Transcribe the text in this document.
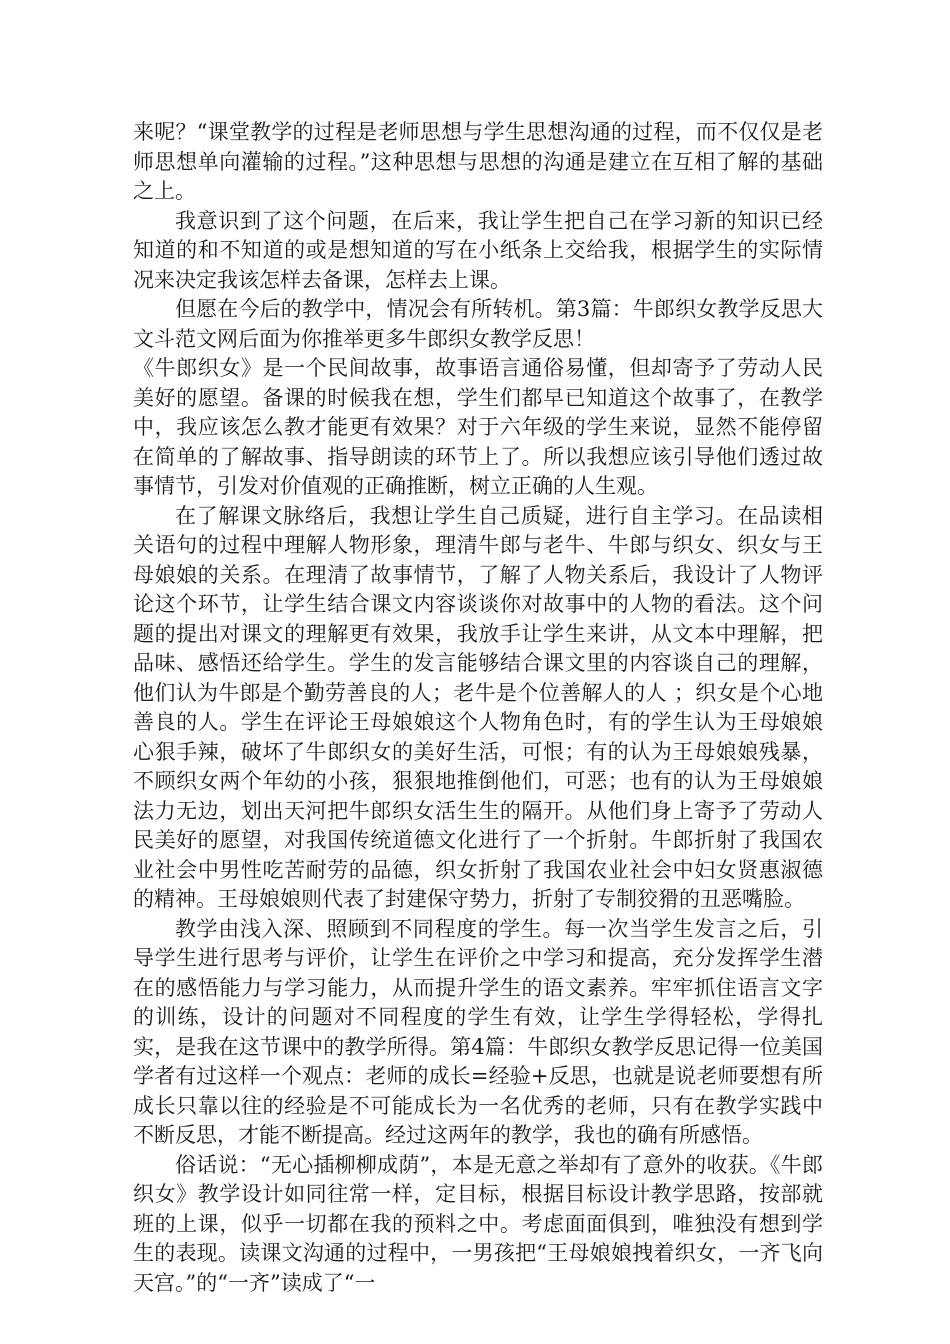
来呢？“课堂教学的过程是老师思想与学生思想沟通的过程，而不仅仅是老师思想单向灌输的过程。”这种思想与思想的沟通是建立在互相了解的基础之上。

我意识到了这个问题，在后来，我让学生把自己在学习新的知识已经知道的和不知道的或是想知道的写在小纸条上交给我，根据学生的实际情况来决定我该怎样去备课，怎样去上课。

但愿在今后的教学中，情况会有所转机。第3篇：牛郎织女教学反思大文斗范文网后面为你推举更多牛郎织女教学反思！

《牛郎织女》是一个民间故事，故事语言通俗易懂，但却寄予了劳动人民美好的愿望。备课的时候我在想，学生们都早已知道这个故事了，在教学中，我应该怎么教才能更有效果？对于六年级的学生来说，显然不能停留在简单的了解故事、指导朗读的环节上了。所以我想应该引导他们透过故事情节，引发对价值观的正确推断，树立正确的人生观。

在了解课文脉络后，我想让学生自己质疑，进行自主学习。在品读相关语句的过程中理解人物形象，理清牛郎与老牛、牛郎与织女、织女与王母娘娘的关系。在理清了故事情节，了解了人物关系后，我设计了人物评论这个环节，让学生结合课文内容谈谈你对故事中的人物的看法。这个问题的提出对课文的理解更有效果，我放手让学生来讲，从文本中理解，把品味、感悟还给学生。学生的发言能够结合课文里的内容谈自己的理解，他们认为牛郎是个勤劳善良的人；老牛是个位善解人的人 ；织女是个心地善良的人。学生在评论王母娘娘这个人物角色时，有的学生认为王母娘娘心狠手辣，破坏了牛郎织女的美好生活，可恨；有的认为王母娘娘残暴，不顾织女两个年幼的小孩，狠狠地推倒他们，可恶；也有的认为王母娘娘法力无边，划出天河把牛郎织女活生生的隔开。从他们身上寄予了劳动人民美好的愿望，对我国传统道德文化进行了一个折射。牛郎折射了我国农业社会中男性吃苦耐劳的品德，织女折射了我国农业社会中妇女贤惠淑德的精神。王母娘娘则代表了封建保守势力，折射了专制狡猾的丑恶嘴脸。

教学由浅入深、照顾到不同程度的学生。每一次当学生发言之后，引导学生进行思考与评价，让学生在评价之中学习和提高，充分发挥学生潜在的感悟能力与学习能力，从而提升学生的语文素养。牢牢抓住语言文字的训练，设计的问题对不同程度的学生有效，让学生学得轻松，学得扎实，是我在这节课中的教学所得。第4篇：牛郎织女教学反思记得一位美国学者有过这样一个观点：老师的成长=经验+反思，也就是说老师要想有所成长只靠以往的经验是不可能成长为一名优秀的老师，只有在教学实践中不断反思，才能不断提高。经过这两年的教学，我也的确有所感悟。

俗话说：“无心插柳柳成荫”，本是无意之举却有了意外的收获。《牛郎织女》教学设计如同往常一样，定目标，根据目标设计教学思路，按部就班的上课，似乎一切都在我的预料之中。考虑面面俱到，唯独没有想到学生的表现。读课文沟通的过程中，一男孩把“王母娘娘拽着织女，一齐飞向天宫。”的“一齐”读成了“一
